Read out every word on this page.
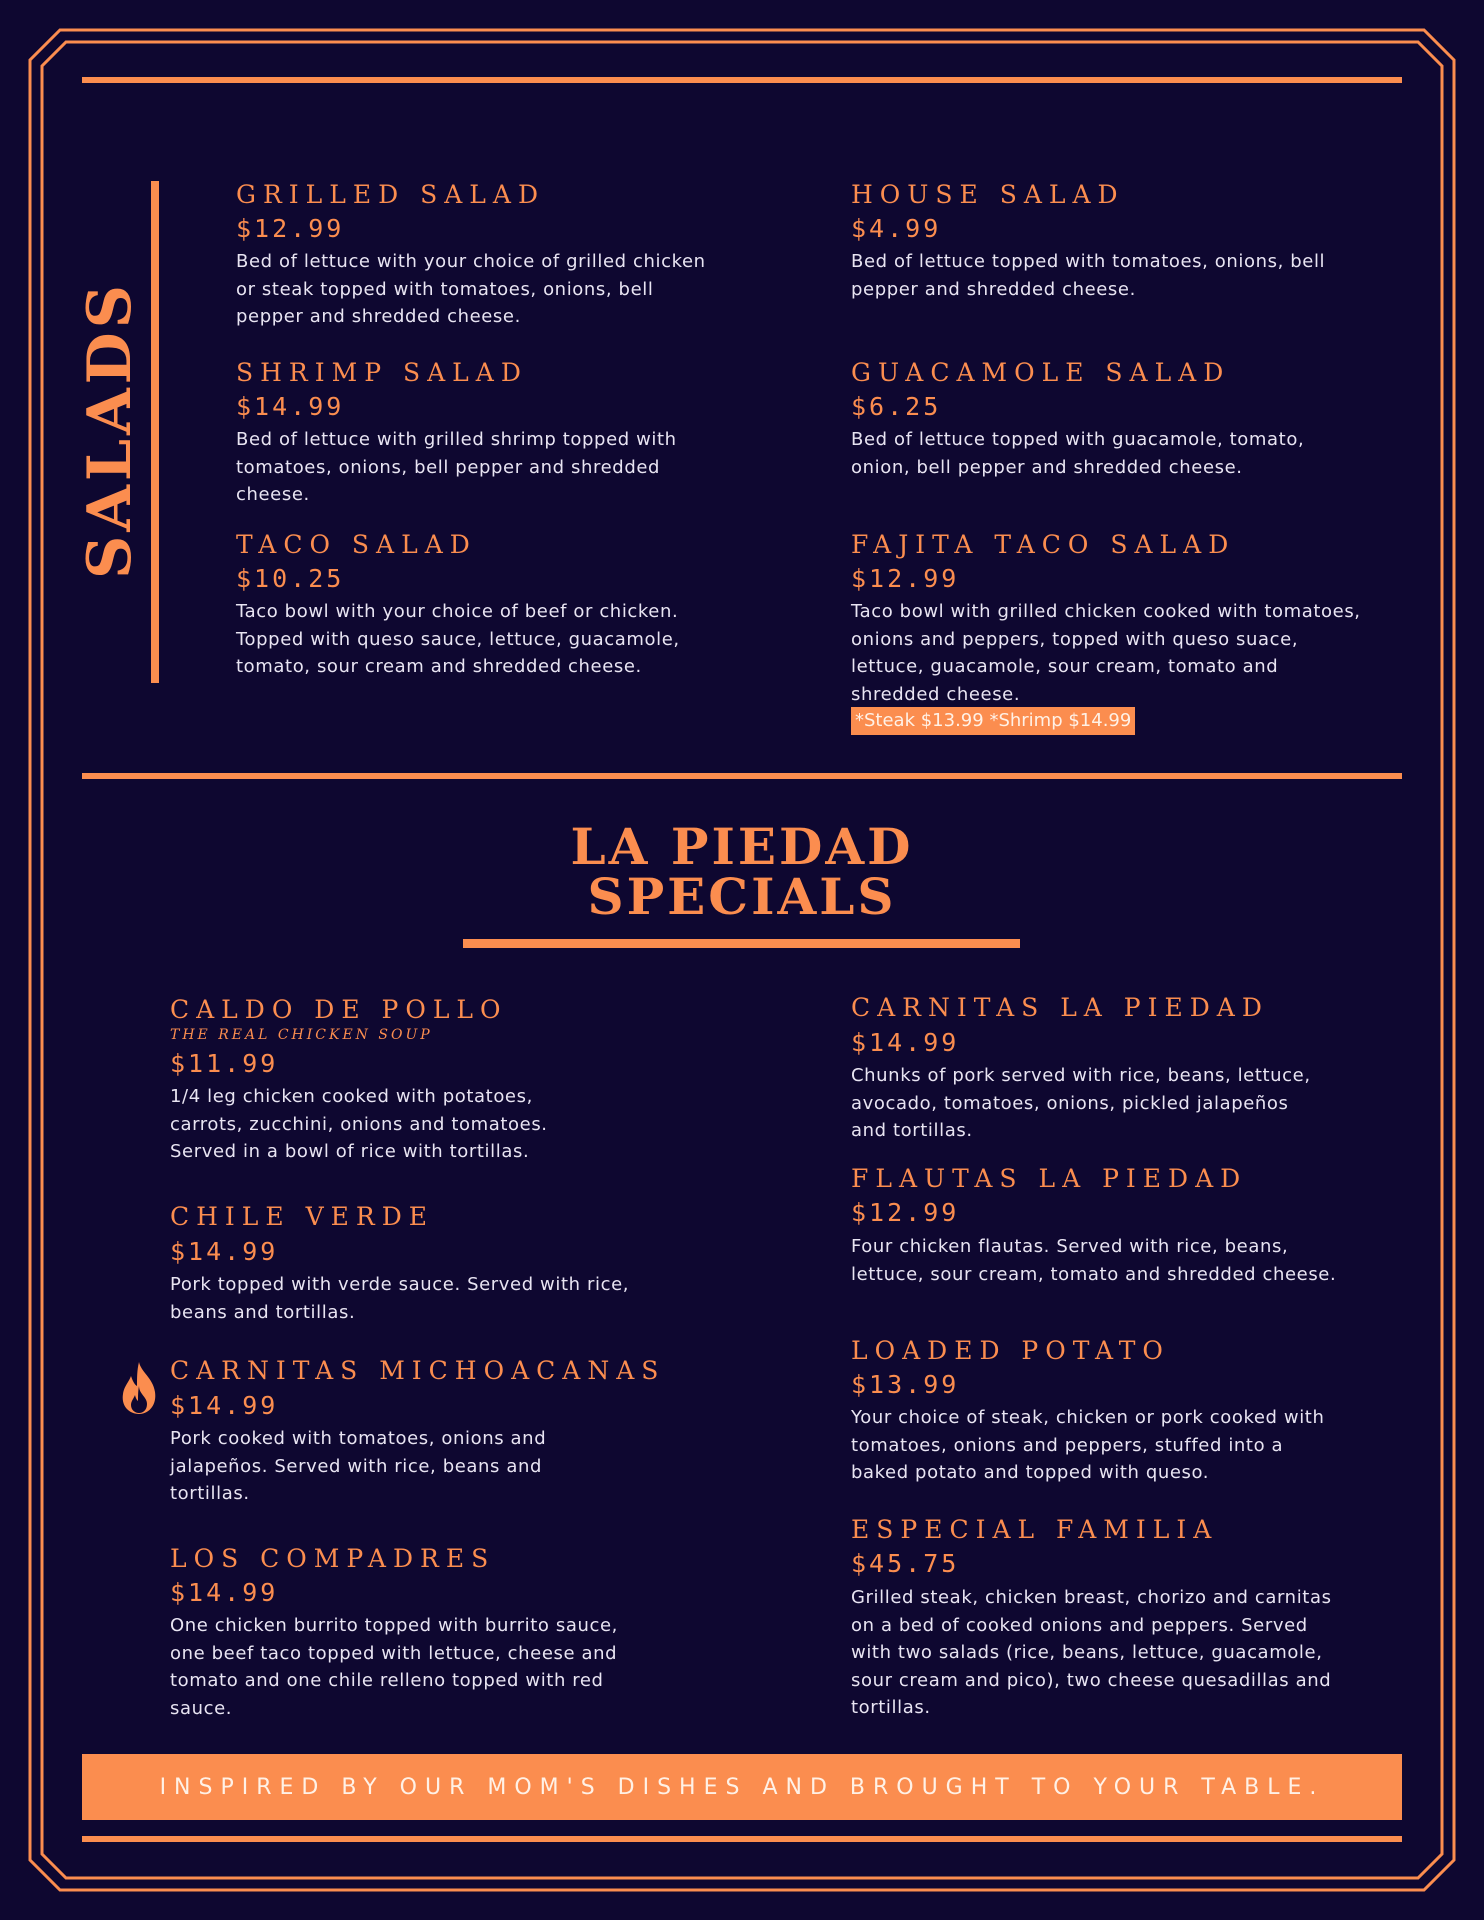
SALADS
GRILLED SALAD
$12.99
Bed of lettuce with your choice of grilled chicken or steak topped with tomatoes, onions, bell pepper and shredded cheese.
HOUSE SALAD
$4.99
Bed of lettuce topped with tomatoes, onions, bell pepper and shredded cheese.
SHRIMP SALAD
$14.99
Bed of lettuce with grilled shrimp topped with tomatoes, onions, bell pepper and shredded cheese.
GUACAMOLE SALAD
$6.25
Bed of lettuce topped with guacamole, tomato, onion, bell pepper and shredded cheese.
TACO SALAD
$10.25
Taco bowl with your choice of beef or chicken. Topped with queso sauce, lettuce, guacamole, tomato, sour cream and shredded cheese.
FAJITA TACO SALAD
$12.99
Taco bowl with grilled chicken cooked with tomatoes, onions and peppers, topped with queso suace, lettuce, guacamole, sour cream, tomato and shredded cheese.
*Steak $13.99 *Shrimp $14.99
LA PIEDAD
SPECIALS
CALDO DE POLLO
THE REAL CHICKEN SOUP
$11.99
1/4 leg chicken cooked with potatoes, carrots, zucchini, onions and tomatoes. Served in a bowl of rice with tortillas.
CARNITAS LA PIEDAD
$14.99
Chunks of pork served with rice, beans, lettuce, avocado, tomatoes, onions, pickled jalapeños and tortillas.
CHILE VERDE
$14.99
Pork topped with verde sauce. Served with rice, beans and tortillas.
FLAUTAS LA PIEDAD
$12.99
Four chicken flautas. Served with rice, beans, lettuce, sour cream, tomato and shredded cheese.
CARNITAS MICHOACANAS
$14.99
Pork cooked with tomatoes, onions and jalapeños. Served with rice, beans and tortillas.
LOADED POTATO
$13.99
Your choice of steak, chicken or pork cooked with tomatoes, onions and peppers, stuffed into a baked potato and topped with queso.
LOS COMPADRES
$14.99
One chicken burrito topped with burrito sauce, one beef taco topped with lettuce, cheese and tomato and one chile relleno topped with red sauce.
ESPECIAL FAMILIA
$45.75
Grilled steak, chicken breast, chorizo and carnitas on a bed of cooked onions and peppers. Served with two salads (rice, beans, lettuce, guacamole, sour cream and pico), two cheese quesadillas and tortillas.
INSPIRED BY OUR MOM'S DISHES AND BROUGHT TO YOUR TABLE.
